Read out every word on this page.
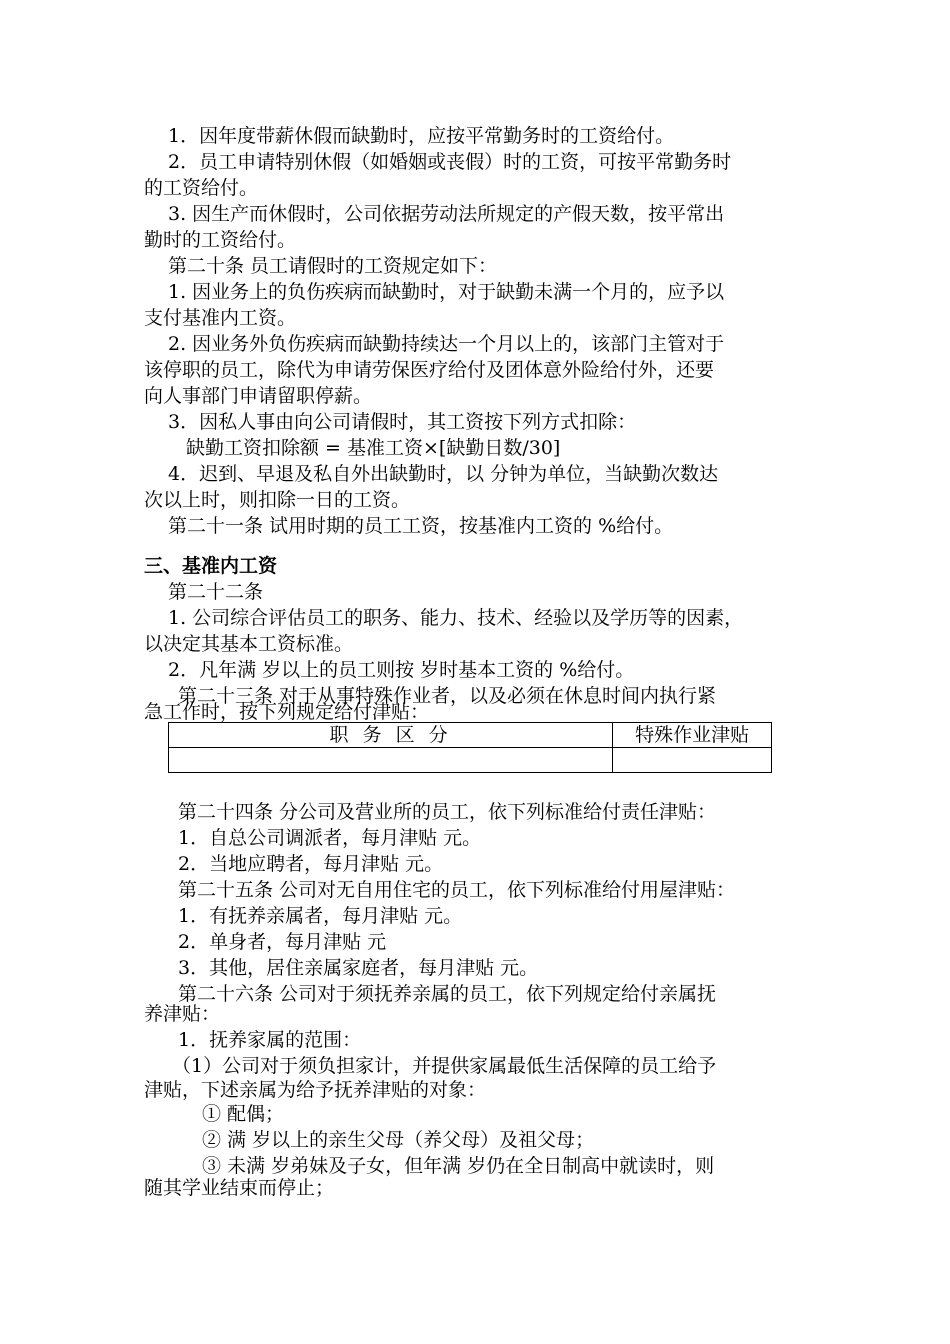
1．因年度带薪休假而缺勤时，应按平常勤务时的工资给付。
2．员工申请特别休假（如婚姻或丧假）时的工资，可按平常勤务时
的工资给付。
3. 因生产而休假时，公司依据劳动法所规定的产假天数，按平常出
勤时的工资给付。
第二十条 员工请假时的工资规定如下：
1. 因业务上的负伤疾病而缺勤时，对于缺勤未满一个月的，应予以
支付基准内工资。
2. 因业务外负伤疾病而缺勤持续达一个月以上的，该部门主管对于
该停职的员工，除代为申请劳保医疗给付及团体意外险给付外，还要
向人事部门申请留职停薪。
3．因私人事由向公司请假时，其工资按下列方式扣除：
缺勤工资扣除额 = 基准工资×[缺勤日数/30]
4．迟到、早退及私自外出缺勤时，以 分钟为单位，当缺勤次数达
次以上时，则扣除一日的工资。
第二十一条 试用时期的员工工资，按基准内工资的 %给付。
三、基准内工资
第二十二条
1. 公司综合评估员工的职务、能力、技术、经验以及学历等的因素，
以决定其基本工资标准。
2．凡年满 岁以上的员工则按 岁时基本工资的 %给付。
第二十三条 对于从事特殊作业者，以及必须在休息时间内执行紧
急工作时，按下列规定给付津贴：
职 务 区 分	特殊作业津贴

第二十四条 分公司及营业所的员工，依下列标准给付责任津贴：
1．自总公司调派者，每月津贴 元。
2．当地应聘者，每月津贴 元。
第二十五条 公司对无自用住宅的员工，依下列标准给付用屋津贴：
1．有抚养亲属者，每月津贴 元。
2．单身者，每月津贴 元
3．其他，居住亲属家庭者，每月津贴 元。
第二十六条 公司对于须抚养亲属的员工，依下列规定给付亲属抚
养津贴：
1．抚养家属的范围：
（1）公司对于须负担家计，并提供家属最低生活保障的员工给予
津贴，下述亲属为给予抚养津贴的对象：
① 配偶；
② 满 岁以上的亲生父母（养父母）及祖父母；
③ 未满 岁弟妹及子女，但年满 岁仍在全日制高中就读时，则
随其学业结束而停止；
